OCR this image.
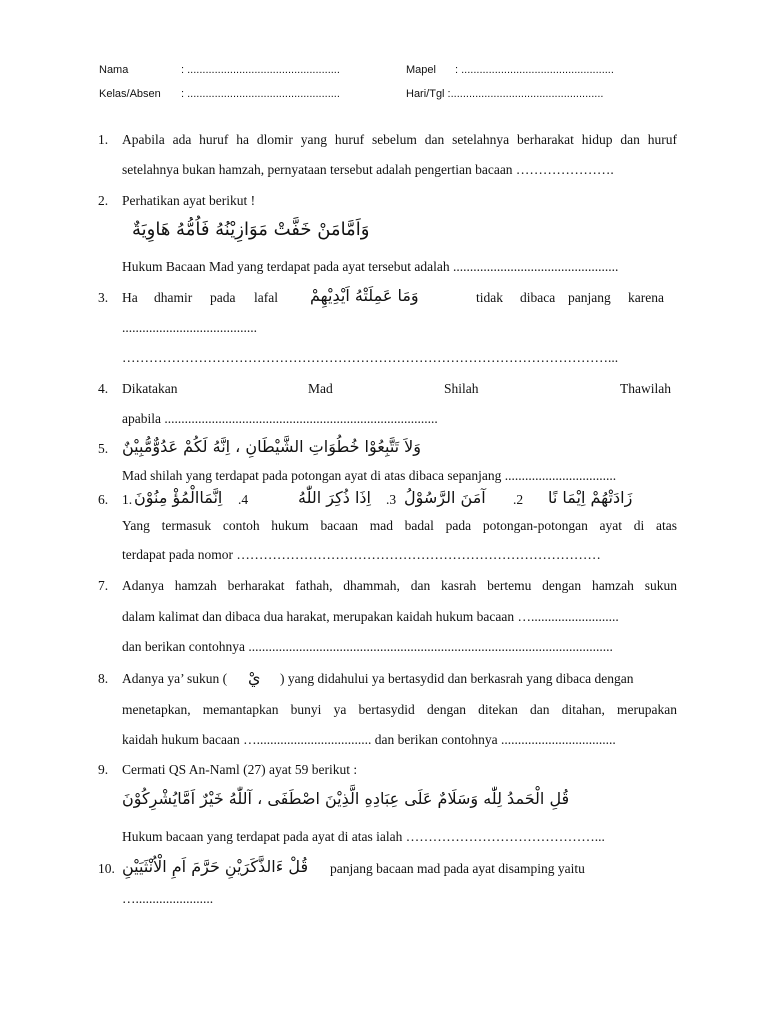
Nama	: ..................................................	Mapel : ..................................................
Kelas/Absen : ..................................................	Hari/Tgl :..................................................
1. Apabila ada huruf ha dlomir yang huruf sebelum dan setelahnya berharakat hidup dan huruf
setelahnya bukan hamzah, pernyataan tersebut adalah pengertian bacaan ………………….
2. Perhatikan ayat berikut !
وَاَمَّامَنْ خَفَّتْ مَوَازِيْنُهُ فَاُمُّهُ هَاوِيَةٌ
Hukum Bacaan Mad yang terdapat pada ayat tersebut adalah .................................................
3. Ha dhamir pada lafal وَمَا عَمِلَتْهُ اَيْدِيْهِمْ	tidak dibaca panjang karena
........................................
………………………………………………………………………………………………...
4. Dikatakan	Mad	Shilah	Thawilah
apabila .................................................................................
5. وَلاَ تَتَّبِعُوْا خُطُوَاتِ الشَّيْطَانِ ، اِنَّهُ لَكُمْ عَدُوٌّمُّبِيْنٌ
Mad shilah yang terdapat pada potongan ayat di atas dibaca sepanjang .................................
6. 1. اِنَّمَاالْمُؤْ مِنُوْنَ .4	اِذَا ذُكِرَ اللّٰهُ .3 آمَنَ الرَّسُوْلُ .2 زَادَتْهُمْ اِيْمَا نًا
Yang termasuk contoh hukum bacaan mad badal pada potongan-potongan ayat di atas
terdapat pada nomor ………………………………………………………………………
7. Adanya hamzah berharakat fathah, dhammah, dan kasrah bertemu dengan hamzah sukun
dalam kalimat dan dibaca dua harakat, merupakan kaidah hukum bacaan …..........................
dan berikan contohnya ............................................................................................................
8. Adanya ya’ sukun ( يْ ) yang didahului ya bertasydid dan berkasrah yang dibaca dengan
menetapkan, memantapkan bunyi ya bertasydid dengan ditekan dan ditahan, merupakan
kaidah hukum bacaan ….................................. dan berikan contohnya ..................................
9. Cermati QS An-Naml (27) ayat 59 berikut :
قُلِ الْحَمدُ لِلّٰه وَسَلَامٌ عَلَى عِبَادِهِ الَّذِيْنَ اصْطَفَى ، آللّٰهُ خَيْرٌ اَمَّايُشْرِكُوْنَ
Hukum bacaan yang terdapat pada ayat di atas ialah ……………………………………...
10. قُلْ ءَالذَّكَرَيْنِ حَرَّمَ اَمِ الْاُنْثَيَيْنِ panjang bacaan mad pada ayat disamping yaitu
….......................
